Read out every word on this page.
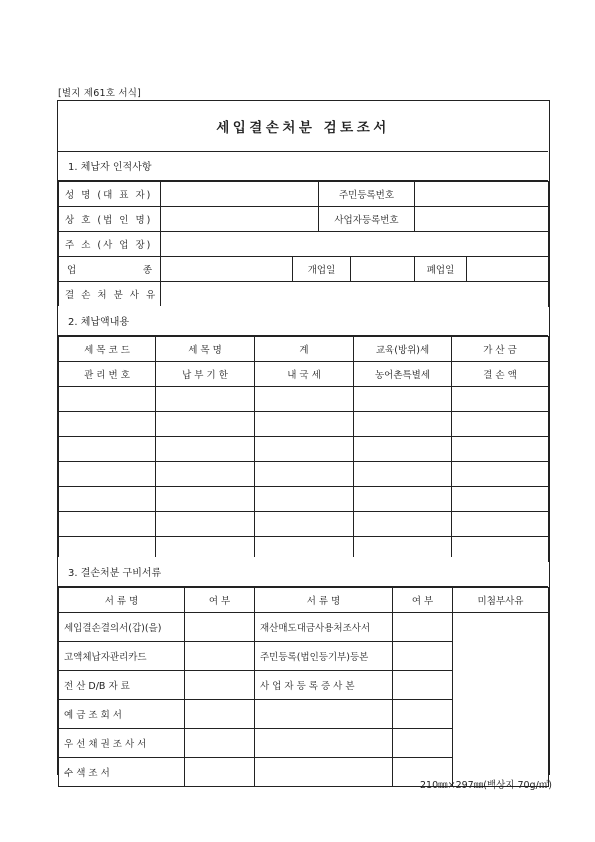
[별지 제61호 서식]
세입결손처분 검토조서
1. 체납자 인적사항
성 명 (대 표 자)		주민등록번호	
상 호 (법 인 명)		사업자등록번호	
주 소 (사 업 장)			
업 종		개업일		폐업일	
결 손 처 분 사 유					
2. 체납액내용
세 목 코 드	세 목 명	계	교육(방위)세	가 산 금
관 리 번 호	납 부 기 한	내 국 세	농어촌특별세	결 손 액

3. 결손처분 구비서류
서 류 명	여 부	서 류 명	여 부	미첨부사유
세입결손결의서(갑)(을)		재산매도대금사용처조사서		
고액체납자관리카드		주민등록(법인등기부)등본		
전 산 D/B 자 료		사 업 자 등 록 증 사 본		
예 금 조 회 서				
우 선 채 권 조 사 서				
수 색 조 서				
210㎜×297㎜(백상지 70g/㎡)
